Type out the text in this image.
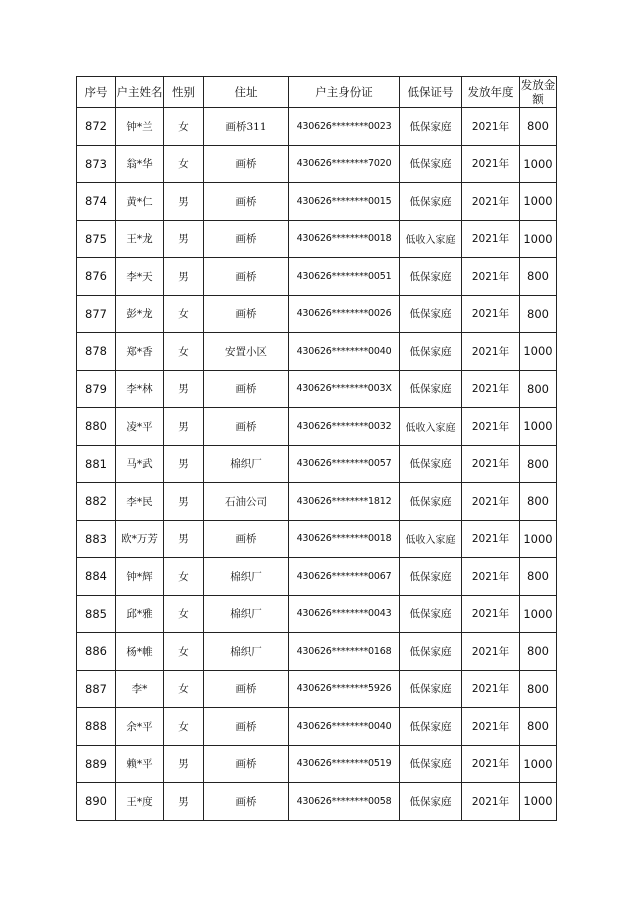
序号	户主姓名	性别	住址	户主身份证	低保证号	发放年度	发放金额
872	钟*兰	女	画桥311	430626********0023	低保家庭	2021年	800
873	翁*华	女	画桥	430626********7020	低保家庭	2021年	1000
874	黄*仁	男	画桥	430626********0015	低保家庭	2021年	1000
875	王*龙	男	画桥	430626********0018	低收入家庭	2021年	1000
876	李*天	男	画桥	430626********0051	低保家庭	2021年	800
877	彭*龙	女	画桥	430626********0026	低保家庭	2021年	800
878	郑*香	女	安置小区	430626********0040	低保家庭	2021年	1000
879	李*林	男	画桥	430626********003X	低保家庭	2021年	800
880	凌*平	男	画桥	430626********0032	低收入家庭	2021年	1000
881	马*武	男	棉织厂	430626********0057	低保家庭	2021年	800
882	李*民	男	石油公司	430626********1812	低保家庭	2021年	800
883	欧*万芳	男	画桥	430626********0018	低收入家庭	2021年	1000
884	钟*辉	女	棉织厂	430626********0067	低保家庭	2021年	800
885	邱*雅	女	棉织厂	430626********0043	低保家庭	2021年	1000
886	杨*帷	女	棉织厂	430626********0168	低保家庭	2021年	800
887	李*	女	画桥	430626********5926	低保家庭	2021年	800
888	余*平	女	画桥	430626********0040	低保家庭	2021年	800
889	赖*平	男	画桥	430626********0519	低保家庭	2021年	1000
890	王*度	男	画桥	430626********0058	低保家庭	2021年	1000
